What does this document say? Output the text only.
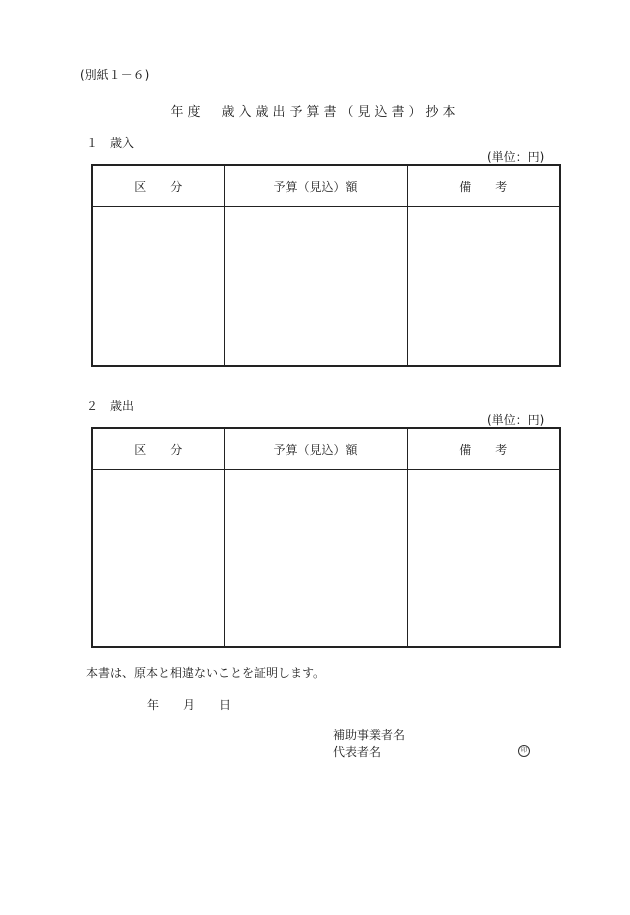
(別紙１－６)
年度　歳入歳出予算書（見込書）抄本
１　歳入
(単位：円)
区　　分	予算（見込）額	備　　考

２　歳出
(単位：円)
区　　分	予算（見込）額	備　　考

本書は、原本と相違ないことを証明します。
年　　月　　日
補助事業者名
代表者名	印
